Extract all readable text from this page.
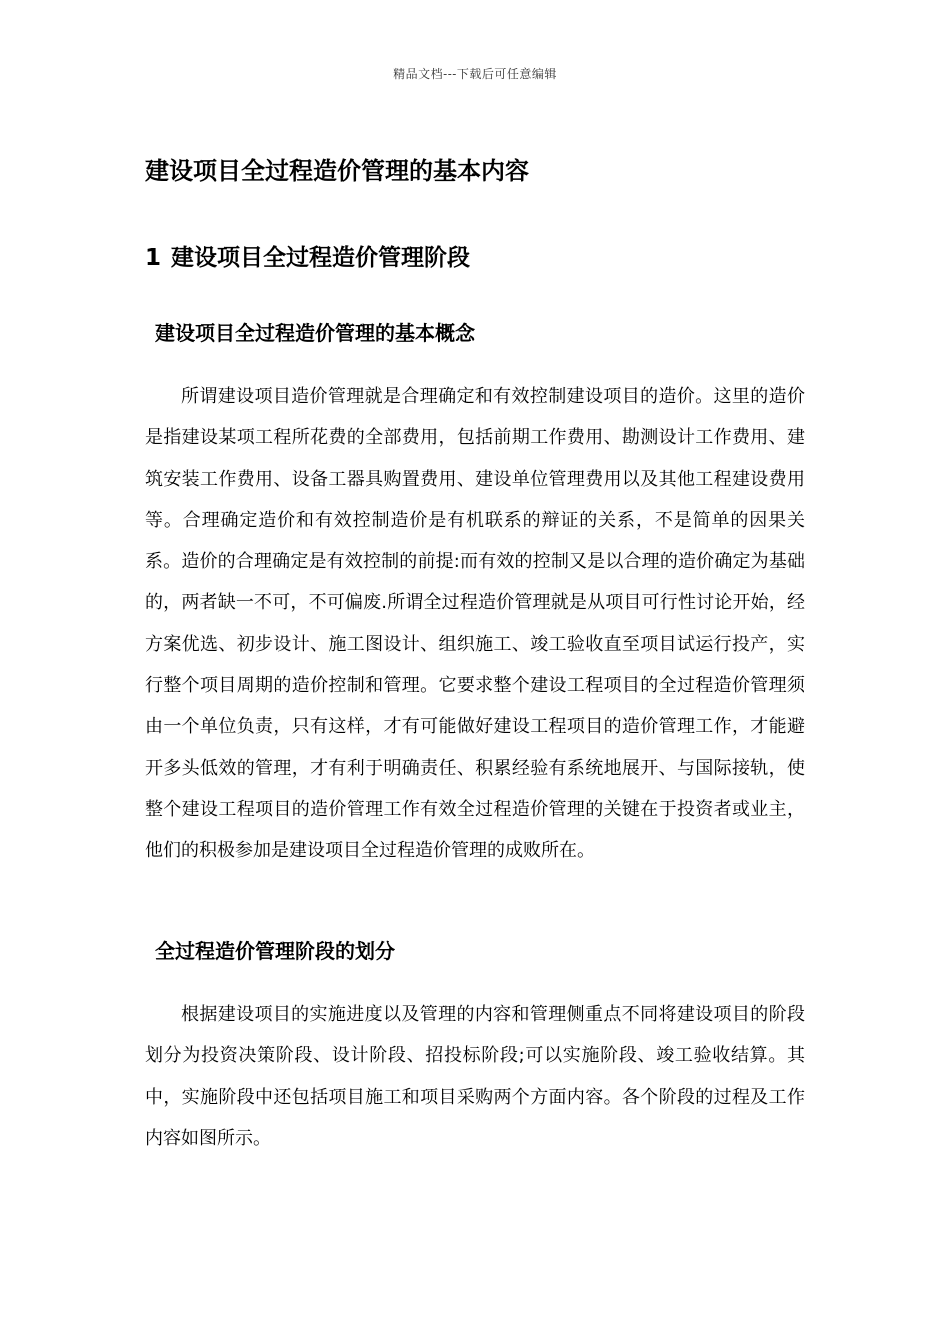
精品文档---下载后可任意编辑
建设项目全过程造价管理的基本内容
1 建设项目全过程造价管理阶段
建设项目全过程造价管理的基本概念

所谓建设项目造价管理就是合理确定和有效控制建设项目的造价。这里的造价是指建设某项工程所花费的全部费用，包括前期工作费用、勘测设计工作费用、建筑安装工作费用、设备工器具购置费用、建设单位管理费用以及其他工程建设费用等。合理确定造价和有效控制造价是有机联系的辩证的关系，不是简单的因果关系。造价的合理确定是有效控制的前提:而有效的控制又是以合理的造价确定为基础的，两者缺一不可，不可偏废.所谓全过程造价管理就是从项目可行性讨论开始，经方案优选、初步设计、施工图设计、组织施工、竣工验收直至项目试运行投产，实行整个项目周期的造价控制和管理。它要求整个建设工程项目的全过程造价管理须由一个单位负责，只有这样，才有可能做好建设工程项目的造价管理工作，才能避开多头低效的管理，才有利于明确责任、积累经验有系统地展开、与国际接轨，使整个建设工程项目的造价管理工作有效全过程造价管理的关键在于投资者或业主，他们的积极参加是建设项目全过程造价管理的成败所在。

全过程造价管理阶段的划分

根据建设项目的实施进度以及管理的内容和管理侧重点不同将建设项目的阶段划分为投资决策阶段、设计阶段、招投标阶段;可以实施阶段、竣工验收结算。其中，实施阶段中还包括项目施工和项目采购两个方面内容。各个阶段的过程及工作内容如图所示。
